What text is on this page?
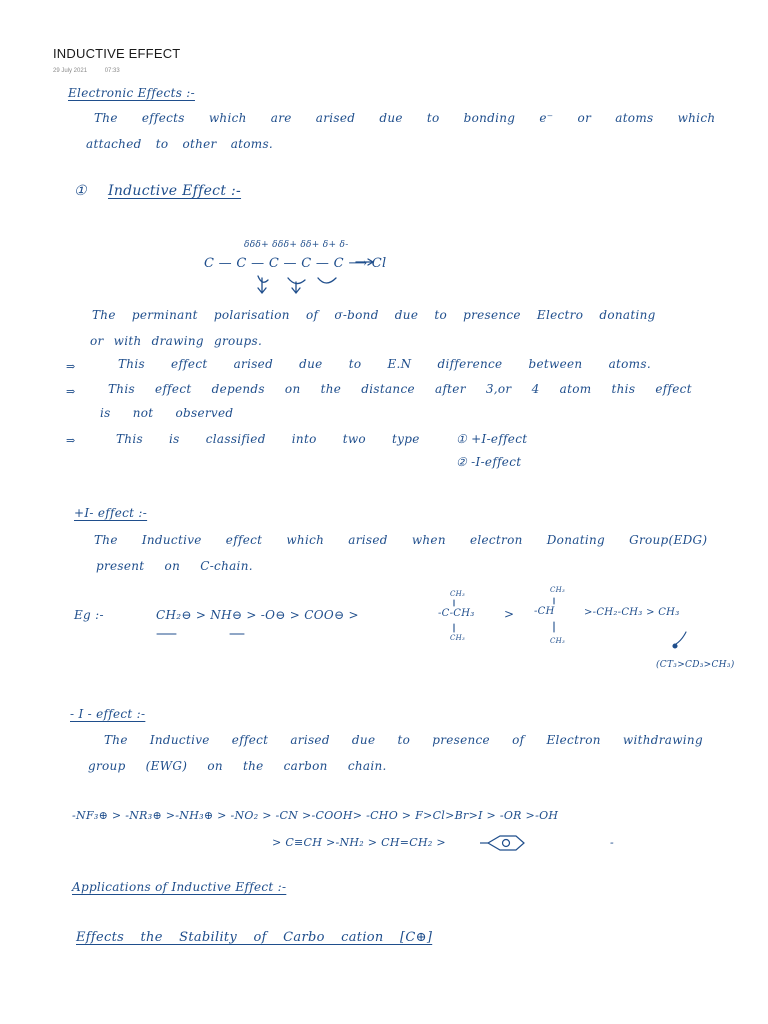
INDUCTIVE EFFECT
29 July 2021	07:33
Electronic Effects :-
The effects which are arised due to bonding e⁻ or atoms which
attached to other atoms.
① Inductive Effect :-
δδδ+ δδδ+ δδ+ δ+ δ-
C — C — C — C — C ⟶ Cl
The perminant polarisation of σ-bond due to presence Electro donating
or with drawing groups.
⇒	This effect arised due to E.N difference between atoms.
⇒	This effect depends on the distance after 3,or 4 atom this effect
is not observed
⇒	This is classified into two type	① +I-effect
② -I-effect
+I- effect :-
The Inductive effect which arised when electron Donating Group(EDG)
present on C-chain.
Eg :-	CH₂⊖ > NH⊖ > -O⊖ > COO⊖ >
CH₃
-C-CH₃
CH₃
>
CH₃
-CH
CH₃
>-CH₂-CH₃ > CH₃
(CT₃>CD₃>CH₃)
- I - effect :-
The Inductive effect arised due to presence of Electron withdrawing
group (EWG) on the carbon chain.
-NF₃⊕ > -NR₃⊕ >-NH₃⊕ > -NO₂ > -CN >-COOH> -CHO > F>Cl>Br>I > -OR >-OH
> C≡CH >-NH₂ > CH=CH₂ >	-
Applications of Inductive Effect :-
Effects the Stability of Carbo cation [C⊕]
